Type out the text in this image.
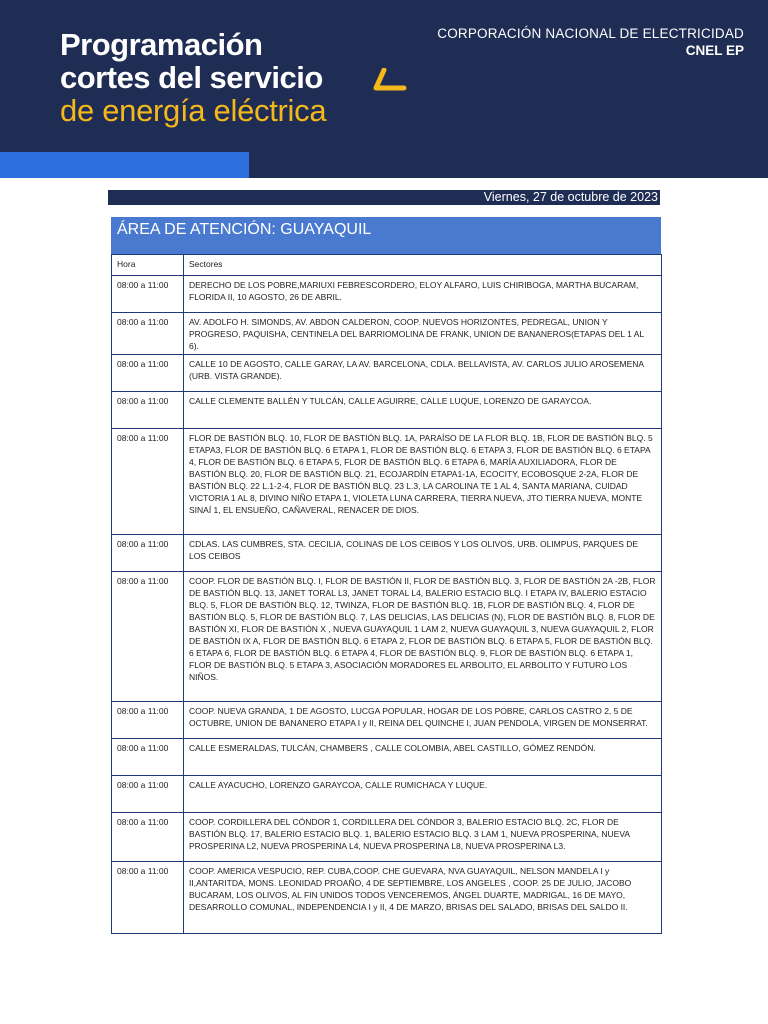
Programación
cortes del servicio
de energía eléctrica
CORPORACIÓN NACIONAL DE ELECTRICIDAD
CNEL EP
Viernes, 27 de octubre de 2023
ÁREA DE ATENCIÓN: GUAYAQUIL
Hora	Sectores
08:00 a 11:00	DERECHO DE LOS POBRE,MARIUXI FEBRESCORDERO, ELOY ALFARO, LUIS CHIRIBOGA, MARTHA BUCARAM, FLORIDA II, 10 AGOSTO, 26 DE ABRIL.
08:00 a 11:00	AV. ADOLFO H. SIMONDS, AV. ABDON CALDERON, COOP. NUEVOS HORIZONTES, PEDREGAL, UNION Y PROGRESO, PAQUISHA, CENTINELA DEL BARRIOMOLINA DE FRANK, UNION DE BANANEROS(ETAPAS DEL 1 AL 6).
08:00 a 11:00	CALLE 10 DE AGOSTO, CALLE GARAY, LA AV. BARCELONA, CDLA. BELLAVISTA, AV. CARLOS JULIO AROSEMENA (URB. VISTA GRANDE).
08:00 a 11:00	CALLE CLEMENTE BALLÉN Y TULCÁN, CALLE AGUIRRE, CALLE LUQUE, LORENZO DE GARAYCOA.
08:00 a 11:00	FLOR DE BASTIÓN BLQ. 10, FLOR DE BASTIÓN BLQ. 1A, PARAÍSO DE LA FLOR BLQ. 1B, FLOR DE BASTIÓN BLQ. 5 ETAPA3, FLOR DE BASTIÓN BLQ. 6 ETAPA 1, FLOR DE BASTIÓN BLQ. 6 ETAPA 3, FLOR DE BASTIÓN BLQ. 6 ETAPA 4, FLOR DE BASTIÓN BLQ. 6 ETAPA 5, FLOR DE BASTIÓN BLQ. 6 ETAPA 6, MARÍA AUXILIADORA, FLOR DE BASTIÓN BLQ. 20, FLOR DE BASTIÓN BLQ. 21, ECOJARDÍN ETAPA1-1A, ECOCITY, ECOBOSQUE 2-2A, FLOR DE BASTIÓN BLQ. 22 L.1-2-4, FLOR DE BASTIÓN BLQ. 23 L.3, LA CAROLINA TE 1 AL 4, SANTA MARIANA, CUIDAD VICTORIA 1 AL 8, DIVINO NIÑO ETAPA 1, VIOLETA LUNA CARRERA, TIERRA NUEVA, JTO TIERRA NUEVA, MONTE SINAÍ 1, EL ENSUEÑO, CAÑAVERAL, RENACER DE DIOS.
08:00 a 11:00	CDLAS. LAS CUMBRES, STA. CECILIA, COLINAS DE LOS CEIBOS Y LOS OLIVOS, URB. OLIMPUS, PARQUES DE LOS CEIBOS
08:00 a 11:00	COOP. FLOR DE BASTIÓN BLQ. I, FLOR DE BASTIÓN II, FLOR DE BASTIÓN BLQ. 3, FLOR DE BASTIÓN 2A -2B, FLOR DE BASTIÓN BLQ. 13, JANET TORAL L3, JANET TORAL L4, BALERIO ESTACIO BLQ. I ETAPA IV, BALERIO ESTACIO BLQ. 5, FLOR DE BASTIÓN BLQ. 12, TWINZA, FLOR DE BASTIÓN BLQ. 1B, FLOR DE BASTIÓN BLQ. 4, FLOR DE BASTIÓN BLQ. 5, FLOR DE BASTIÓN BLQ. 7, LAS DELICIAS, LAS DELICIAS (N), FLOR DE BASTIÓN BLQ. 8, FLOR DE BASTIÓN XI, FLOR DE BASTIÓN X , NUEVA GUAYAQUIL 1 LAM 2, NUEVA GUAYAQUIL 3, NUEVA GUAYAQUIL 2, FLOR DE BASTIÓN IX A, FLOR DE BASTIÓN BLQ. 6 ETAPA 2, FLOR DE BASTIÓN BLQ. 6 ETAPA 5, FLOR DE BASTIÓN BLQ. 6 ETAPA 6, FLOR DE BASTIÓN BLQ. 6 ETAPA 4, FLOR DE BASTIÓN BLQ. 9, FLOR DE BASTIÓN BLQ. 6 ETAPA 1, FLOR DE BASTIÓN BLQ. 5 ETAPA 3, ASOCIACIÓN MORADORES EL ARBOLITO, EL ARBOLITO Y FUTURO LOS NIÑOS.
08:00 a 11:00	COOP. NUEVA GRANDA, 1 DE AGOSTO, LUCGA POPULAR, HOGAR DE LOS POBRE, CARLOS CASTRO 2, 5 DE OCTUBRE, UNION DE BANANERO ETAPA I y II, REINA DEL QUINCHE I, JUAN PENDOLA, VIRGEN DE MONSERRAT.
08:00 a 11:00	CALLE ESMERALDAS, TULCÁN, CHAMBERS , CALLE COLOMBIA, ABEL CASTILLO, GÓMEZ RENDÓN.
08:00 a 11:00	CALLE AYACUCHO, LORENZO GARAYCOA, CALLE RUMICHACA Y LUQUE.
08:00 a 11:00	COOP. CORDILLERA DEL CÓNDOR 1, CORDILLERA DEL CÓNDOR 3, BALERIO ESTACIO BLQ. 2C, FLOR DE BASTIÓN BLQ. 17, BALERIO ESTACIO BLQ. 1, BALERIO ESTACIO BLQ. 3 LAM 1, NUEVA PROSPERINA, NUEVA PROSPERINA L2, NUEVA PROSPERINA L4, NUEVA PROSPERINA L8, NUEVA PROSPERINA L3.
08:00 a 11:00	COOP. AMERICA VESPUCIO, REP. CUBA,COOP. CHE GUEVARA, NVA GUAYAQUIL, NELSON MANDELA I y II,ANTARITDA, MONS. LEONIDAD PROAÑO, 4 DE SEPTIEMBRE, LOS ANGELES , COOP. 25 DE JULIO, JACOBO BUCARAM, LOS OLIVOS, AL FIN UNIDOS TODOS VENCEREMOS, ÁNGEL DUARTE, MADRIGAL, 16 DE MAYO, DESARROLLO COMUNAL, INDEPENDENCIA I y II, 4 DE MARZO, BRISAS DEL SALADO, BRISAS DEL SALDO II.
